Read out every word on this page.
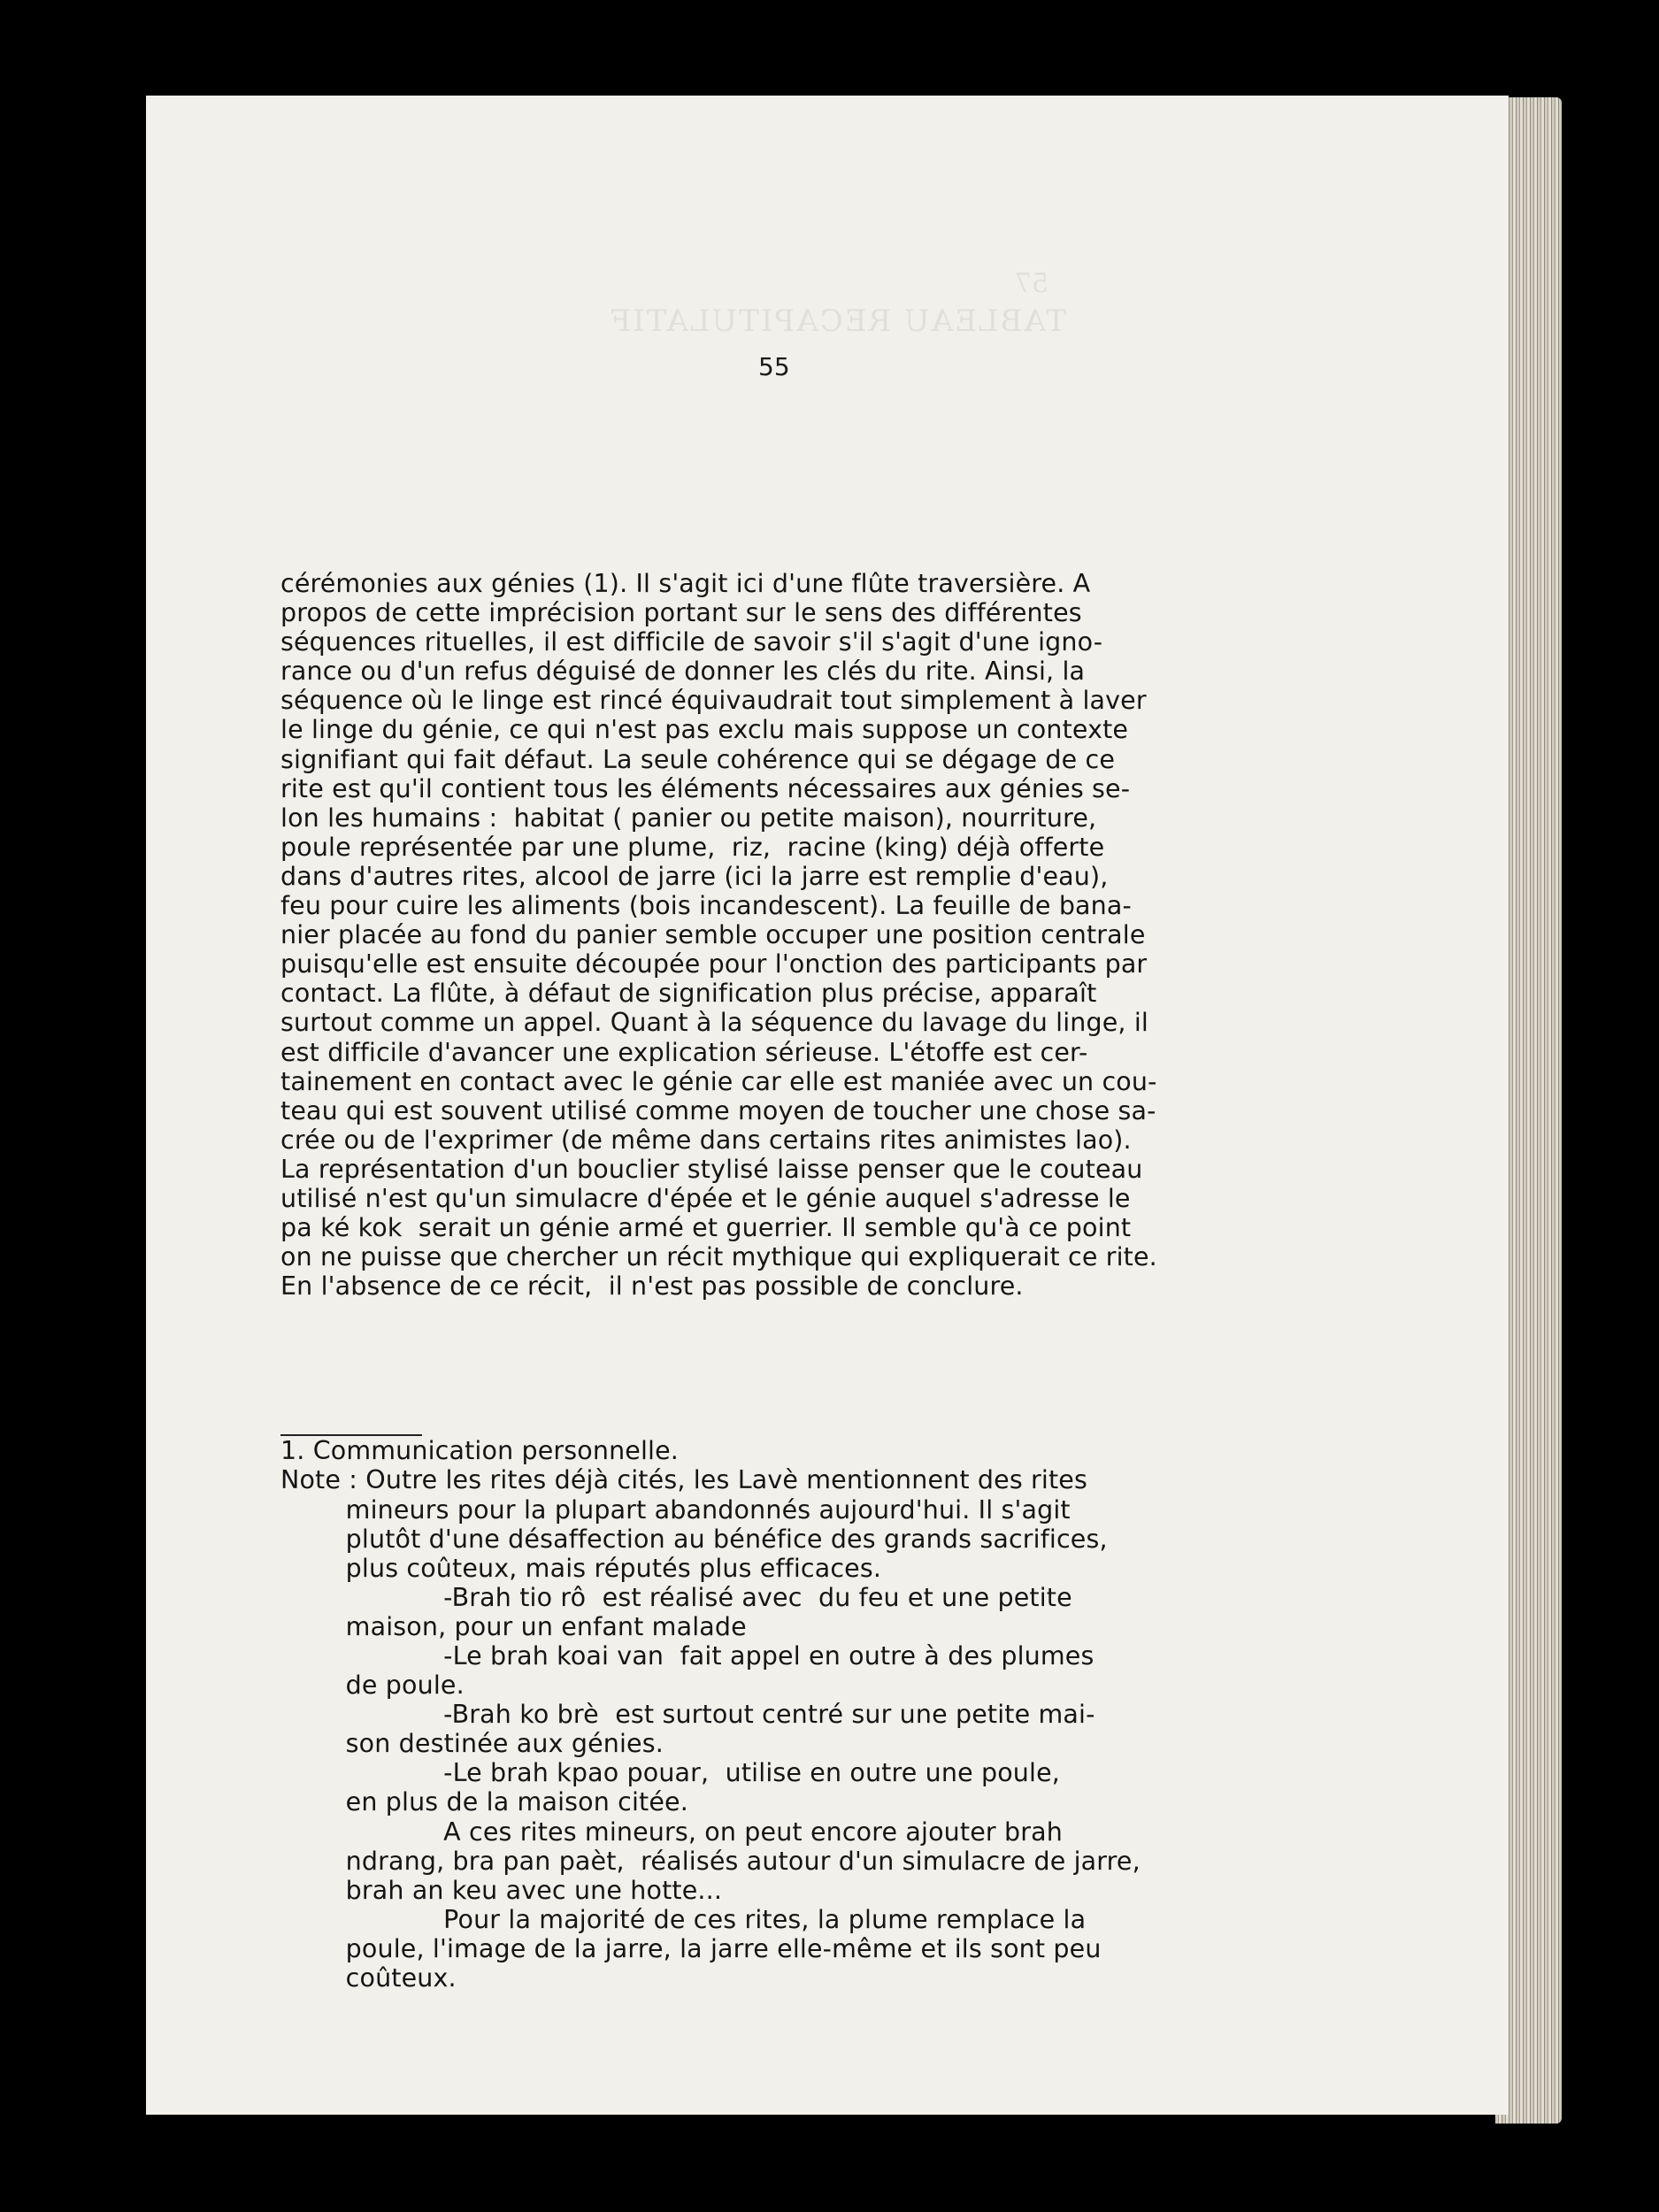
57
TABLEAU RECAPITULATIF
55
cérémonies aux génies (1). Il s'agit ici d'une flûte traversière. A
propos de cette imprécision portant sur le sens des différentes
séquences rituelles, il est difficile de savoir s'il s'agit d'une igno-
rance ou d'un refus déguisé de donner les clés du rite. Ainsi, la
séquence où le linge est rincé équivaudrait tout simplement à laver
le linge du génie, ce qui n'est pas exclu mais suppose un contexte
signifiant qui fait défaut. La seule cohérence qui se dégage de ce
rite est qu'il contient tous les éléments nécessaires aux génies se-
lon les humains :  habitat ( panier ou petite maison), nourriture,
poule représentée par une plume,  riz,  racine (king) déjà offerte
dans d'autres rites, alcool de jarre (ici la jarre est remplie d'eau),
feu pour cuire les aliments (bois incandescent). La feuille de bana-
nier placée au fond du panier semble occuper une position centrale
puisqu'elle est ensuite découpée pour l'onction des participants par
contact. La flûte, à défaut de signification plus précise, apparaît
surtout comme un appel. Quant à la séquence du lavage du linge, il
est difficile d'avancer une explication sérieuse. L'étoffe est cer-
tainement en contact avec le génie car elle est maniée avec un cou-
teau qui est souvent utilisé comme moyen de toucher une chose sa-
crée ou de l'exprimer (de même dans certains rites animistes lao).
La représentation d'un bouclier stylisé laisse penser que le couteau
utilisé n'est qu'un simulacre d'épée et le génie auquel s'adresse le
pa ké kok  serait un génie armé et guerrier. Il semble qu'à ce point
on ne puisse que chercher un récit mythique qui expliquerait ce rite.
En l'absence de ce récit,  il n'est pas possible de conclure.
1. Communication personnelle.
Note : Outre les rites déjà cités, les Lavè mentionnent des rites
mineurs pour la plupart abandonnés aujourd'hui. Il s'agit
plutôt d'une désaffection au bénéfice des grands sacrifices,
plus coûteux, mais réputés plus efficaces.
-Brah tio rô  est réalisé avec  du feu et une petite
maison, pour un enfant malade
-Le brah koai van  fait appel en outre à des plumes
de poule.
-Brah ko brè  est surtout centré sur une petite mai-
son destinée aux génies.
-Le brah kpao pouar,  utilise en outre une poule,
en plus de la maison citée.
A ces rites mineurs, on peut encore ajouter brah
ndrang, bra pan paèt,  réalisés autour d'un simulacre de jarre,
brah an keu avec une hotte...
Pour la majorité de ces rites, la plume remplace la
poule, l'image de la jarre, la jarre elle-même et ils sont peu
coûteux.
